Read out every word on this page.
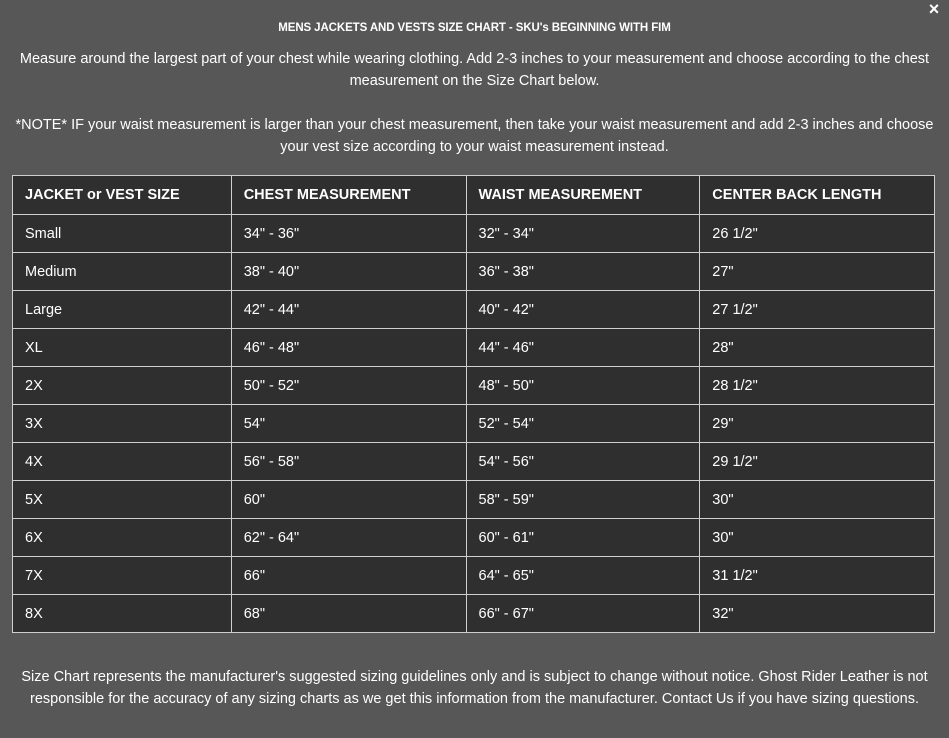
×
MENS JACKETS AND VESTS SIZE CHART - SKU's BEGINNING WITH FIM
Measure around the largest part of your chest while wearing clothing. Add 2-3 inches to your measurement and choose according to the chest measurement on the Size Chart below.
*NOTE* IF your waist measurement is larger than your chest measurement, then take your waist measurement and add 2-3 inches and choose your vest size according to your waist measurement instead.
JACKET or VEST SIZE	CHEST MEASUREMENT	WAIST MEASUREMENT	CENTER BACK LENGTH
Small	34" - 36"	32" - 34"	26 1/2"
Medium	38" - 40"	36" - 38"	27"
Large	42" - 44"	40" - 42"	27 1/2"
XL	46" - 48"	44" - 46"	28"
2X	50" - 52"	48" - 50"	28 1/2"
3X	54"	52" - 54"	29"
4X	56" - 58"	54" - 56"	29 1/2"
5X	60"	58" - 59"	30"
6X	62" - 64"	60" - 61"	30"
7X	66"	64" - 65"	31 1/2"
8X	68"	66" - 67"	32"
Size Chart represents the manufacturer's suggested sizing guidelines only and is subject to change without notice. Ghost Rider Leather is not responsible for the accuracy of any sizing charts as we get this information from the manufacturer. Contact Us if you have sizing questions.
